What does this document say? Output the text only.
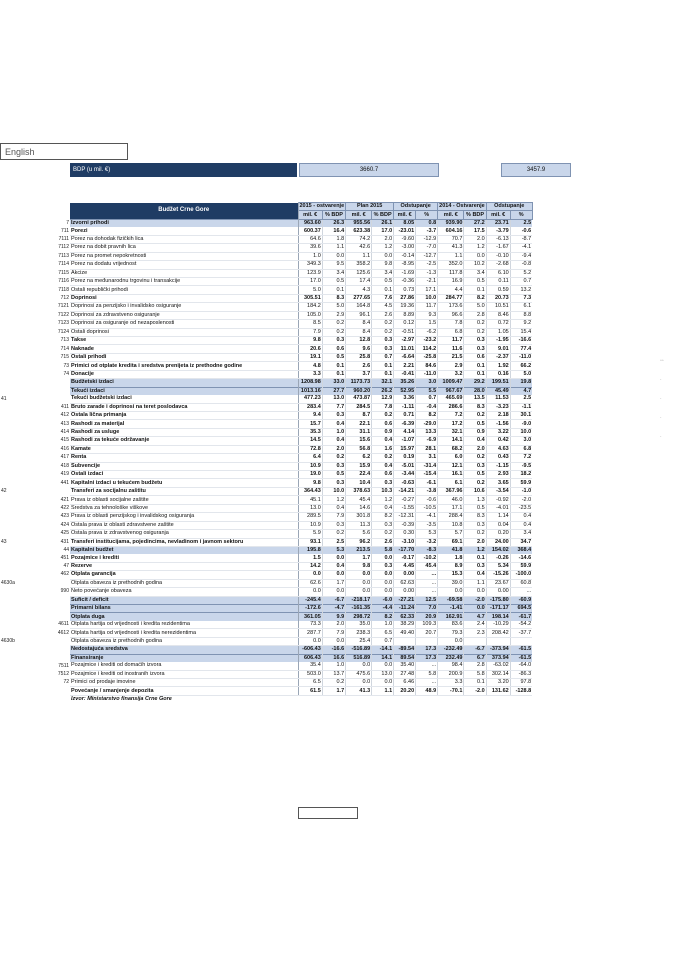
English
BDP (u mil. €)	3660.7	3457.9
		Budžet Crne Gore	2015 - ostvarenje		Plan 2015		Odstupanje		2014 - Ostvarenje		Odstupanje	
			mil. €	% BDP	mil. €	% BDP	mil. €	%	mil. €	% BDP	mil. €	%
	7	Izvorni prihodi	963.60	26.3	955.56	26.1	8.05	0.8	939.90	27.2	23.71	2.5
	711	Porezi	600.37	16.4	623.38	17.0	-23.01	-3.7	604.16	17.5	-3.79	-0.6
	7111	Porez na dohodak fizičkih lica	64.6	1.8	74.2	2.0	-9.60	-12.9	70.7	2.0	-6.13	-8.7
	7112	Porez na dobit pravnih lica	39.6	1.1	42.6	1.2	-3.00	-7.0	41.3	1.2	-1.67	-4.1
	7113	Porez na promet nepokretnosti	1.0	0.0	1.1	0.0	-0.14	-12.7	1.1	0.0	-0.10	-9.4
	7114	Porez na dodatu vrijednost	349.3	9.5	358.2	9.8	-8.95	-2.5	352.0	10.2	-2.68	-0.8
	7115	Akcize	123.9	3.4	125.6	3.4	-1.69	-1.3	117.8	3.4	6.10	5.2
	7116	Porez na međunarodnu trgovinu i transakcije	17.0	0.5	17.4	0.5	-0.36	-2.1	16.9	0.5	0.11	0.7
	7118	Ostali republički prihodi	5.0	0.1	4.3	0.1	0.73	17.1	4.4	0.1	0.59	13.2
	712	Doprinosi	305.51	8.3	277.65	7.6	27.86	10.0	284.77	8.2	20.73	7.3
	7121	Doprinosi za penzijsko i invalidsko osiguranje	184.2	5.0	164.8	4.5	19.36	11.7	173.6	5.0	10.51	6.1
	7122	Doprinosi za zdravstveno osiguranje	105.0	2.9	96.1	2.6	8.89	9.3	96.6	2.8	8.46	8.8
	7123	Doprinosi za osiguranje od nezaposlenosti	8.5	0.2	8.4	0.2	0.12	1.5	7.8	0.2	0.72	9.2
	7124	Ostali doprinosi	7.9	0.2	8.4	0.2	-0.51	-6.2	6.8	0.2	1.05	15.4
	713	Takse	9.8	0.3	12.8	0.3	-2.97	-23.2	11.7	0.3	-1.95	-16.6
	714	Naknade	20.6	0.6	9.6	0.3	11.01	114.2	11.6	0.3	9.01	77.4
	715	Ostali prihodi	19.1	0.5	25.8	0.7	-6.64	-25.8	21.5	0.6	-2.37	-11.0
	73	Primici od otplate kredita i sredstva prenijeta iz prethodne godine	4.8	0.1	2.6	0.1	2.21	84.6	2.9	0.1	1.92	66.2
	74	Donacije	3.3	0.1	3.7	0.1	-0.41	-11.0	3.2	0.1	0.16	5.0
		Budžetski izdaci	1208.98	33.0	1173.73	32.1	35.26	3.0	1009.47	29.2	199.51	19.8
		Tekući izdaci	1013.16	27.7	960.20	26.2	52.95	5.5	967.67	28.0	45.49	4.7
41		Tekući budžetski izdaci	477.23	13.0	473.87	12.9	3.36	0.7	465.69	13.5	11.53	2.5
	411	Bruto zarade i doprinosi na teret poslodavca	283.4	7.7	284.5	7.8	-1.11	-0.4	286.6	8.3	-3.23	-1.1
	412	Ostala lična primanja	9.4	0.3	8.7	0.2	0.71	8.2	7.2	0.2	2.18	30.1
	413	Rashodi za materijal	15.7	0.4	22.1	0.6	-6.39	-29.0	17.2	0.5	-1.56	-9.0
	414	Rashodi za usluge	35.3	1.0	31.1	0.9	4.14	13.3	32.1	0.9	3.22	10.0
	415	Rashodi za tekuće održavanje	14.5	0.4	15.6	0.4	-1.07	-6.9	14.1	0.4	0.42	3.0
	416	Kamate	72.8	2.0	56.8	1.6	15.97	28.1	68.2	2.0	4.63	6.8
	417	Renta	6.4	0.2	6.2	0.2	0.19	3.1	6.0	0.2	0.43	7.2
	418	Subvencije	10.9	0.3	15.9	0.4	-5.01	-31.4	12.1	0.3	-1.15	-9.5
	419	Ostali izdaci	19.0	0.5	22.4	0.6	-3.44	-15.4	16.1	0.5	2.93	18.2
	441	Kapitalni izdaci u tekućem budžetu	9.8	0.3	10.4	0.3	-0.63	-6.1	6.1	0.2	3.65	59.9
42		Transferi za socijalnu zaštitu	364.43	10.0	378.63	10.3	-14.21	-3.8	367.96	10.6	-3.54	-1.0
	421	Prava iz oblasti socijalne zaštite	45.1	1.2	45.4	1.2	-0.27	-0.6	46.0	1.3	-0.92	-2.0
	422	Sredstva za tehnološke viškove	13.0	0.4	14.6	0.4	-1.55	-10.5	17.1	0.5	-4.01	-23.5
	423	Prava iz oblasti penzijskog i invalidskog osiguranja	289.5	7.9	301.8	8.2	-12.31	-4.1	288.4	8.3	1.14	0.4
	424	Ostala prava iz oblasti zdravstvene zaštite	10.9	0.3	11.3	0.3	-0.39	-3.5	10.8	0.3	0.04	0.4
	425	Ostala prava iz zdravstvenog osiguranja	5.9	0.2	5.6	0.2	0.30	5.3	5.7	0.2	0.20	3.4
43	431	Transferi institucijama, pojedincima, nevladinom i javnom sektoru	93.1	2.5	96.2	2.6	-3.10	-3.2	69.1	2.0	24.00	34.7
	44	Kapitalni budžet	195.8	5.3	213.5	5.8	-17.70	-8.3	41.8	1.2	154.02	368.4
	451	Pozajmice i krediti	1.5	0.0	1.7	0.0	-0.17	-10.2	1.8	0.1	-0.26	-14.6
	47	Rezerve	14.2	0.4	9.8	0.3	4.45	45.4	8.9	0.3	5.34	59.9
	462	Otplata garancija	0.0	0.0	0.0	0.0	0.00	...	15.3	0.4	-15.26	-100.0
4630a		Otplata obaveza iz prethodnih godina	62.6	1.7	0.0	0.0	62.63	...	39.0	1.1	23.67	60.8
	990	Neto povećanje obaveza	0.0	0.0	0.0	0.0	0.00	...	0.0	0.0	0.00	...
		Suficit / deficit	-245.4	-6.7	-218.17	-6.0	-27.21	12.5	-69.58	-2.0	-175.80	-60.9
		Primarni bilans	-172.6	-4.7	-161.35	-4.4	-11.24	7.0	-1.41	0.0	-171.17	694.5
		Otplata duga	361.05	9.9	298.72	8.2	62.33	20.9	162.91	4.7	198.14	-61.7
	4611	Otplata hartija od vrijednosti i kredita rezidentima	73.3	2.0	35.0	1.0	38.29	109.3	83.6	2.4	-10.29	-54.2
	4612	Otplata hartija od vrijednosti i kredita nerezidentima	287.7	7.9	238.3	6.5	49.40	20.7	79.3	2.3	208.42	-37.7
4630b		Otplata obaveza iz prethodnih godina	0.0	0.0	25.4	0.7			0.0			
		Nedostajuća sredstva	-606.43	-16.6	-516.89	-14.1	-89.54	17.3	-232.49	-6.7	-373.94	-61.5
		Finansiranje	606.43	16.6	516.89	14.1	89.54	17.3	232.49	6.7	373.94	-61.5
	7511	Pozajmice i krediti od domaćih izvora	35.4	1.0	0.0	0.0	35.40	...	98.4	2.8	-63.02	-64.0
	7512	Pozajmice i krediti od inostranih izvora	503.0	13.7	475.6	13.0	27.48	5.8	200.9	5.8	302.14	-86.3
	72	Primici od prodaje imovine	6.5	0.2	0.0	0.0	6.46	...	3.3	0.1	3.20	97.8
		Povećanje / smanjenje depozita	61.5	1.7	41.3	1.1	20.20	48.9	-70.1	-2.0	131.62	-128.8
		Izvor: Ministarstvo finansija Crne Gore										
▫▫
·
·
·
·
